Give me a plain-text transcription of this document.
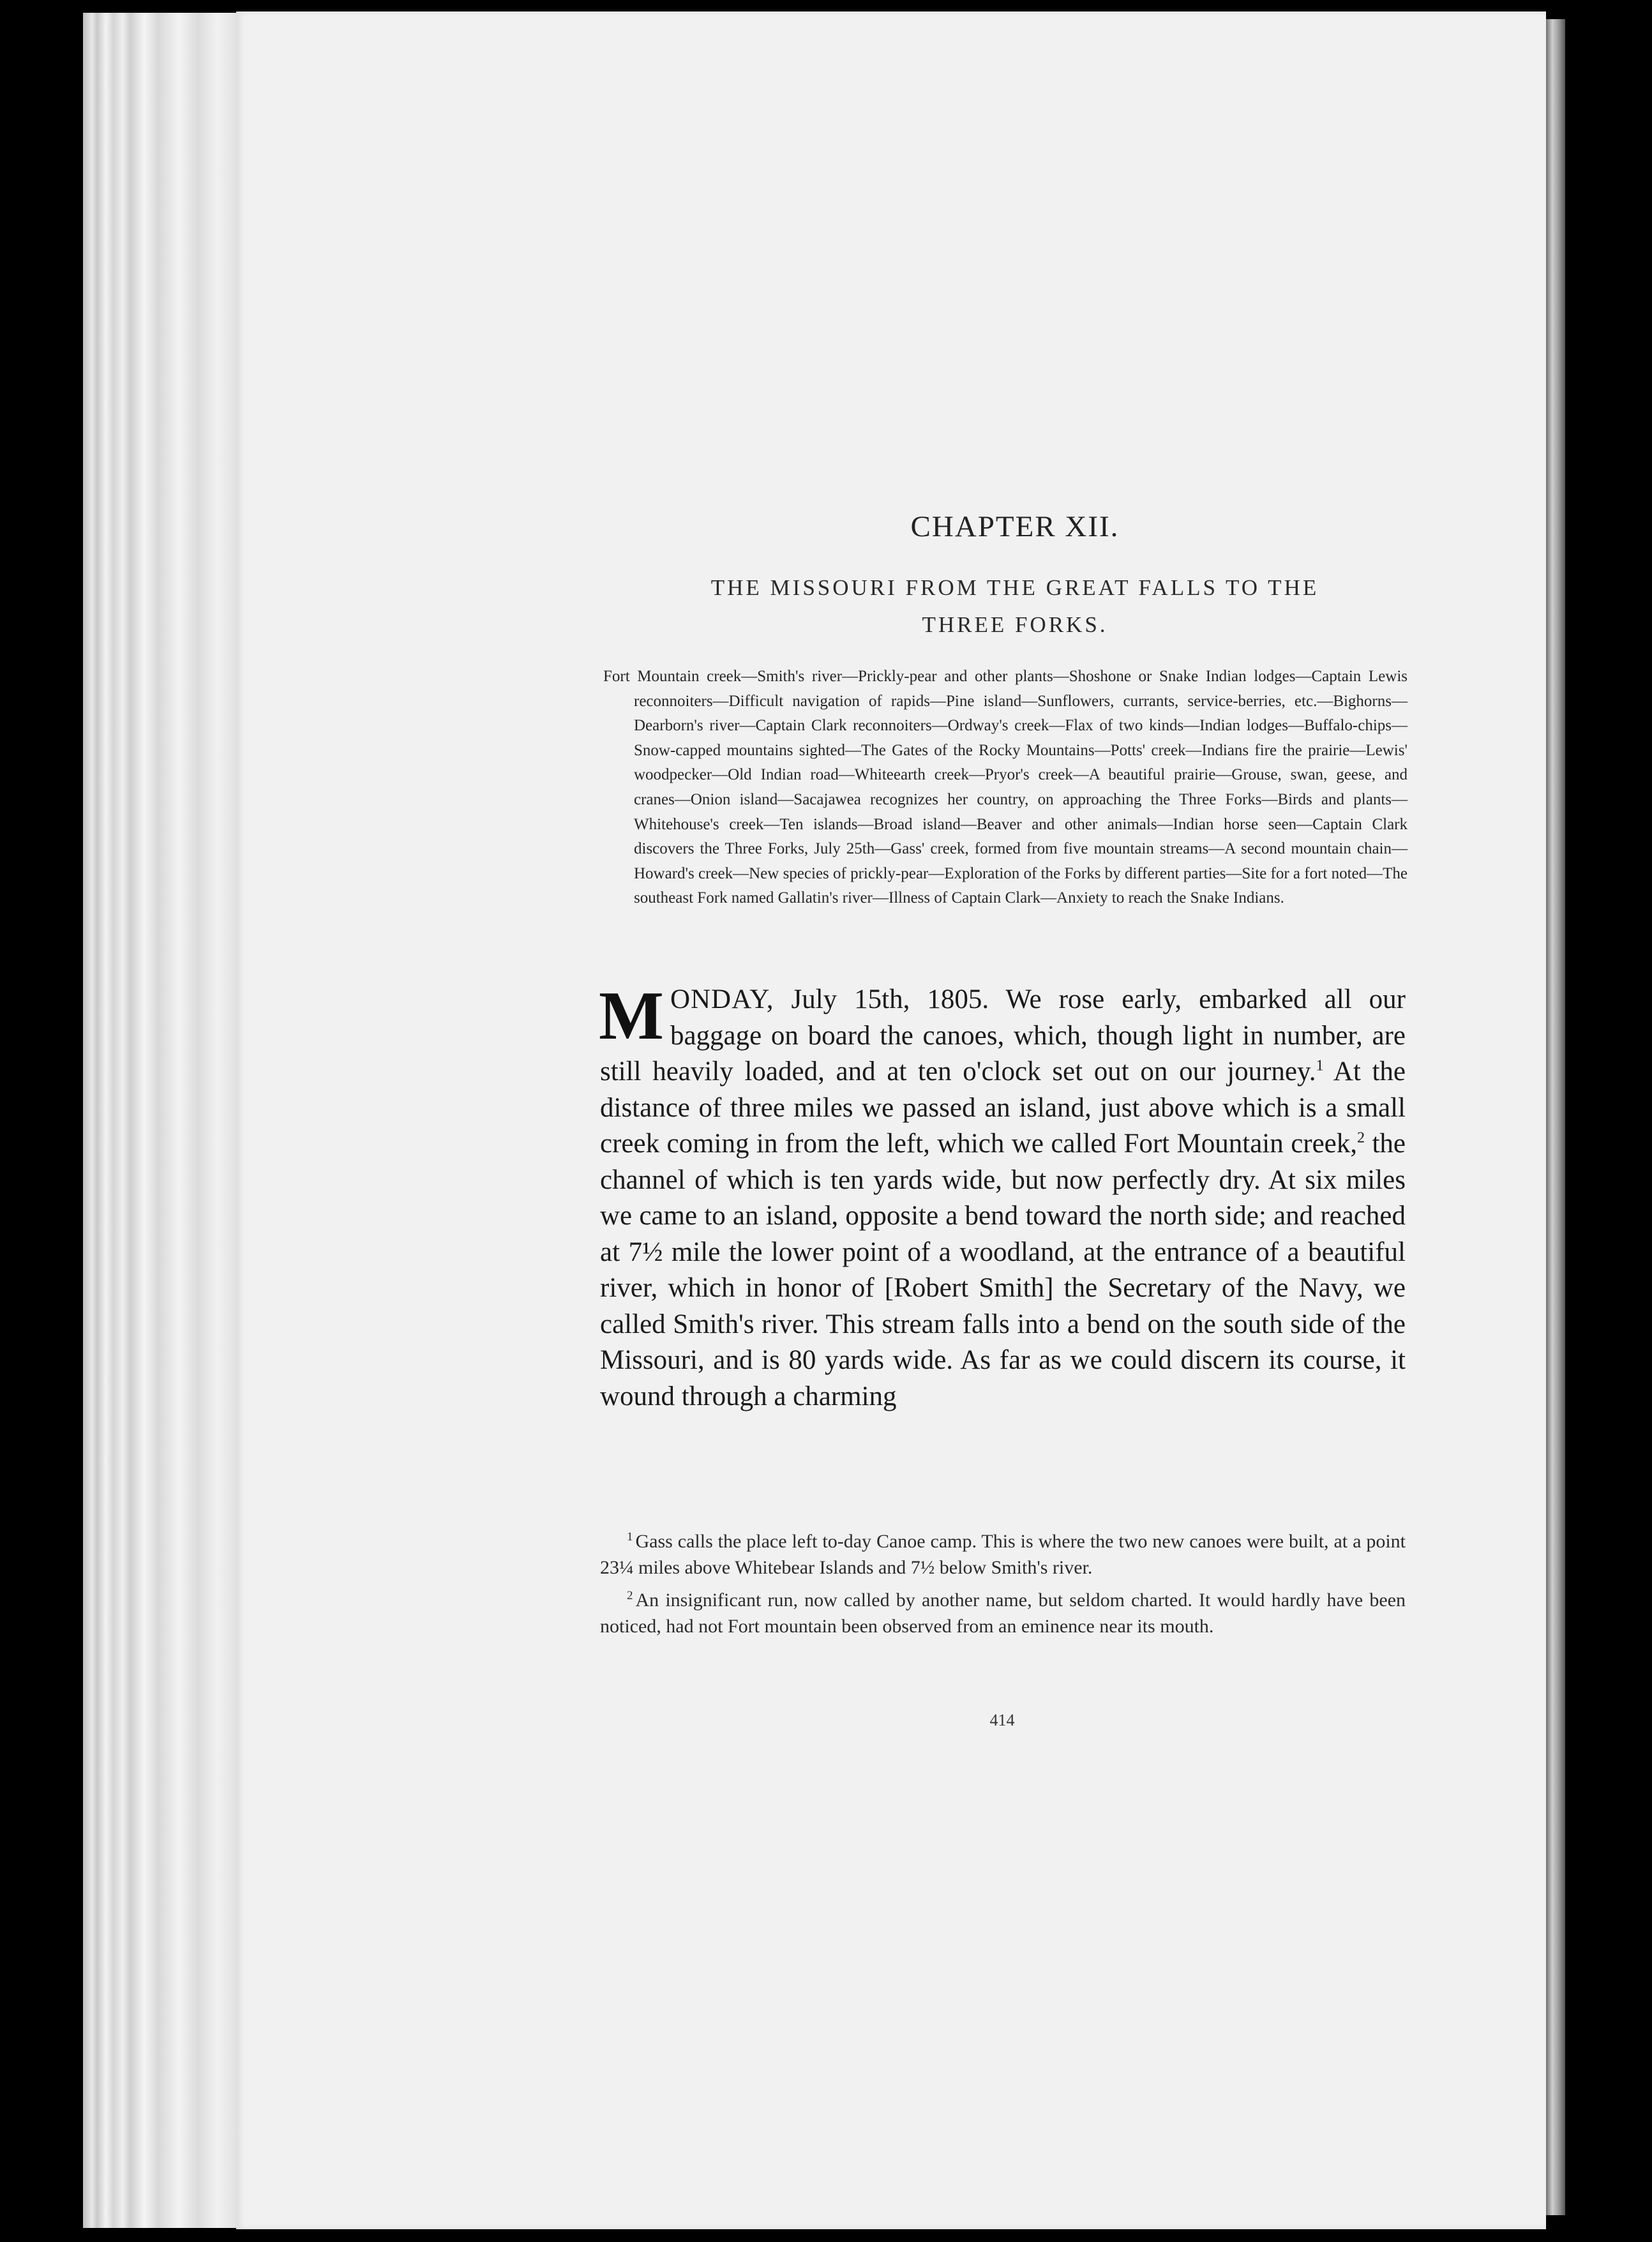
CHAPTER XII.
THE MISSOURI FROM THE GREAT FALLS TO THE
THREE FORKS.

Fort Mountain creek—Smith's river—Prickly-pear and other plants—Shoshone or Snake Indian lodges—Captain Lewis reconnoiters—Difficult navigation of rapids—Pine island—Sunflowers, currants, service-berries, etc.—Bighorns—Dearborn's river—Captain Clark reconnoiters—Ordway's creek—Flax of two kinds—Indian lodges—Buffalo-chips—Snow-capped mountains sighted—The Gates of the Rocky Mountains—Potts' creek—Indians fire the prairie—Lewis' woodpecker—Old Indian road—Whiteearth creek—Pryor's creek—A beautiful prairie—Grouse, swan, geese, and cranes—Onion island—Sacajawea recognizes her country, on approaching the Three Forks—Birds and plants—Whitehouse's creek—Ten islands—Broad island—Beaver and other animals—Indian horse seen—Captain Clark discovers the Three Forks, July 25th—Gass' creek, formed from five mountain streams—A second mountain chain—Howard's creek—New species of prickly-pear—Exploration of the Forks by different parties—Site for a fort noted—The southeast Fork named Gallatin's river—Illness of Captain Clark—Anxiety to reach the Snake Indians.

MONDAY, July 15th, 1805. We rose early, embarked all our baggage on board the canoes, which, though light in number, are still heavily loaded, and at ten o'clock set out on our journey.$^1$ At the distance of three miles we passed an island, just above which is a small creek coming in from the left, which we called Fort Mountain creek,$^2$ the channel of which is ten yards wide, but now perfectly dry. At six miles we came to an island, opposite a bend toward the north side; and reached at 7½ mile the lower point of a woodland, at the entrance of a beautiful river, which in honor of [Robert Smith] the Secretary of the Navy, we called Smith's river. This stream falls into a bend on the south side of the Missouri, and is 80 yards wide. As far as we could discern its course, it wound through a charming

$^1$ Gass calls the place left to-day Canoe camp. This is where the two new canoes were built, at a point 23¼ miles above Whitebear Islands and 7½ below Smith's river.

$^2$ An insignificant run, now called by another name, but seldom charted. It would hardly have been noticed, had not Fort mountain been observed from an eminence near its mouth.

414
